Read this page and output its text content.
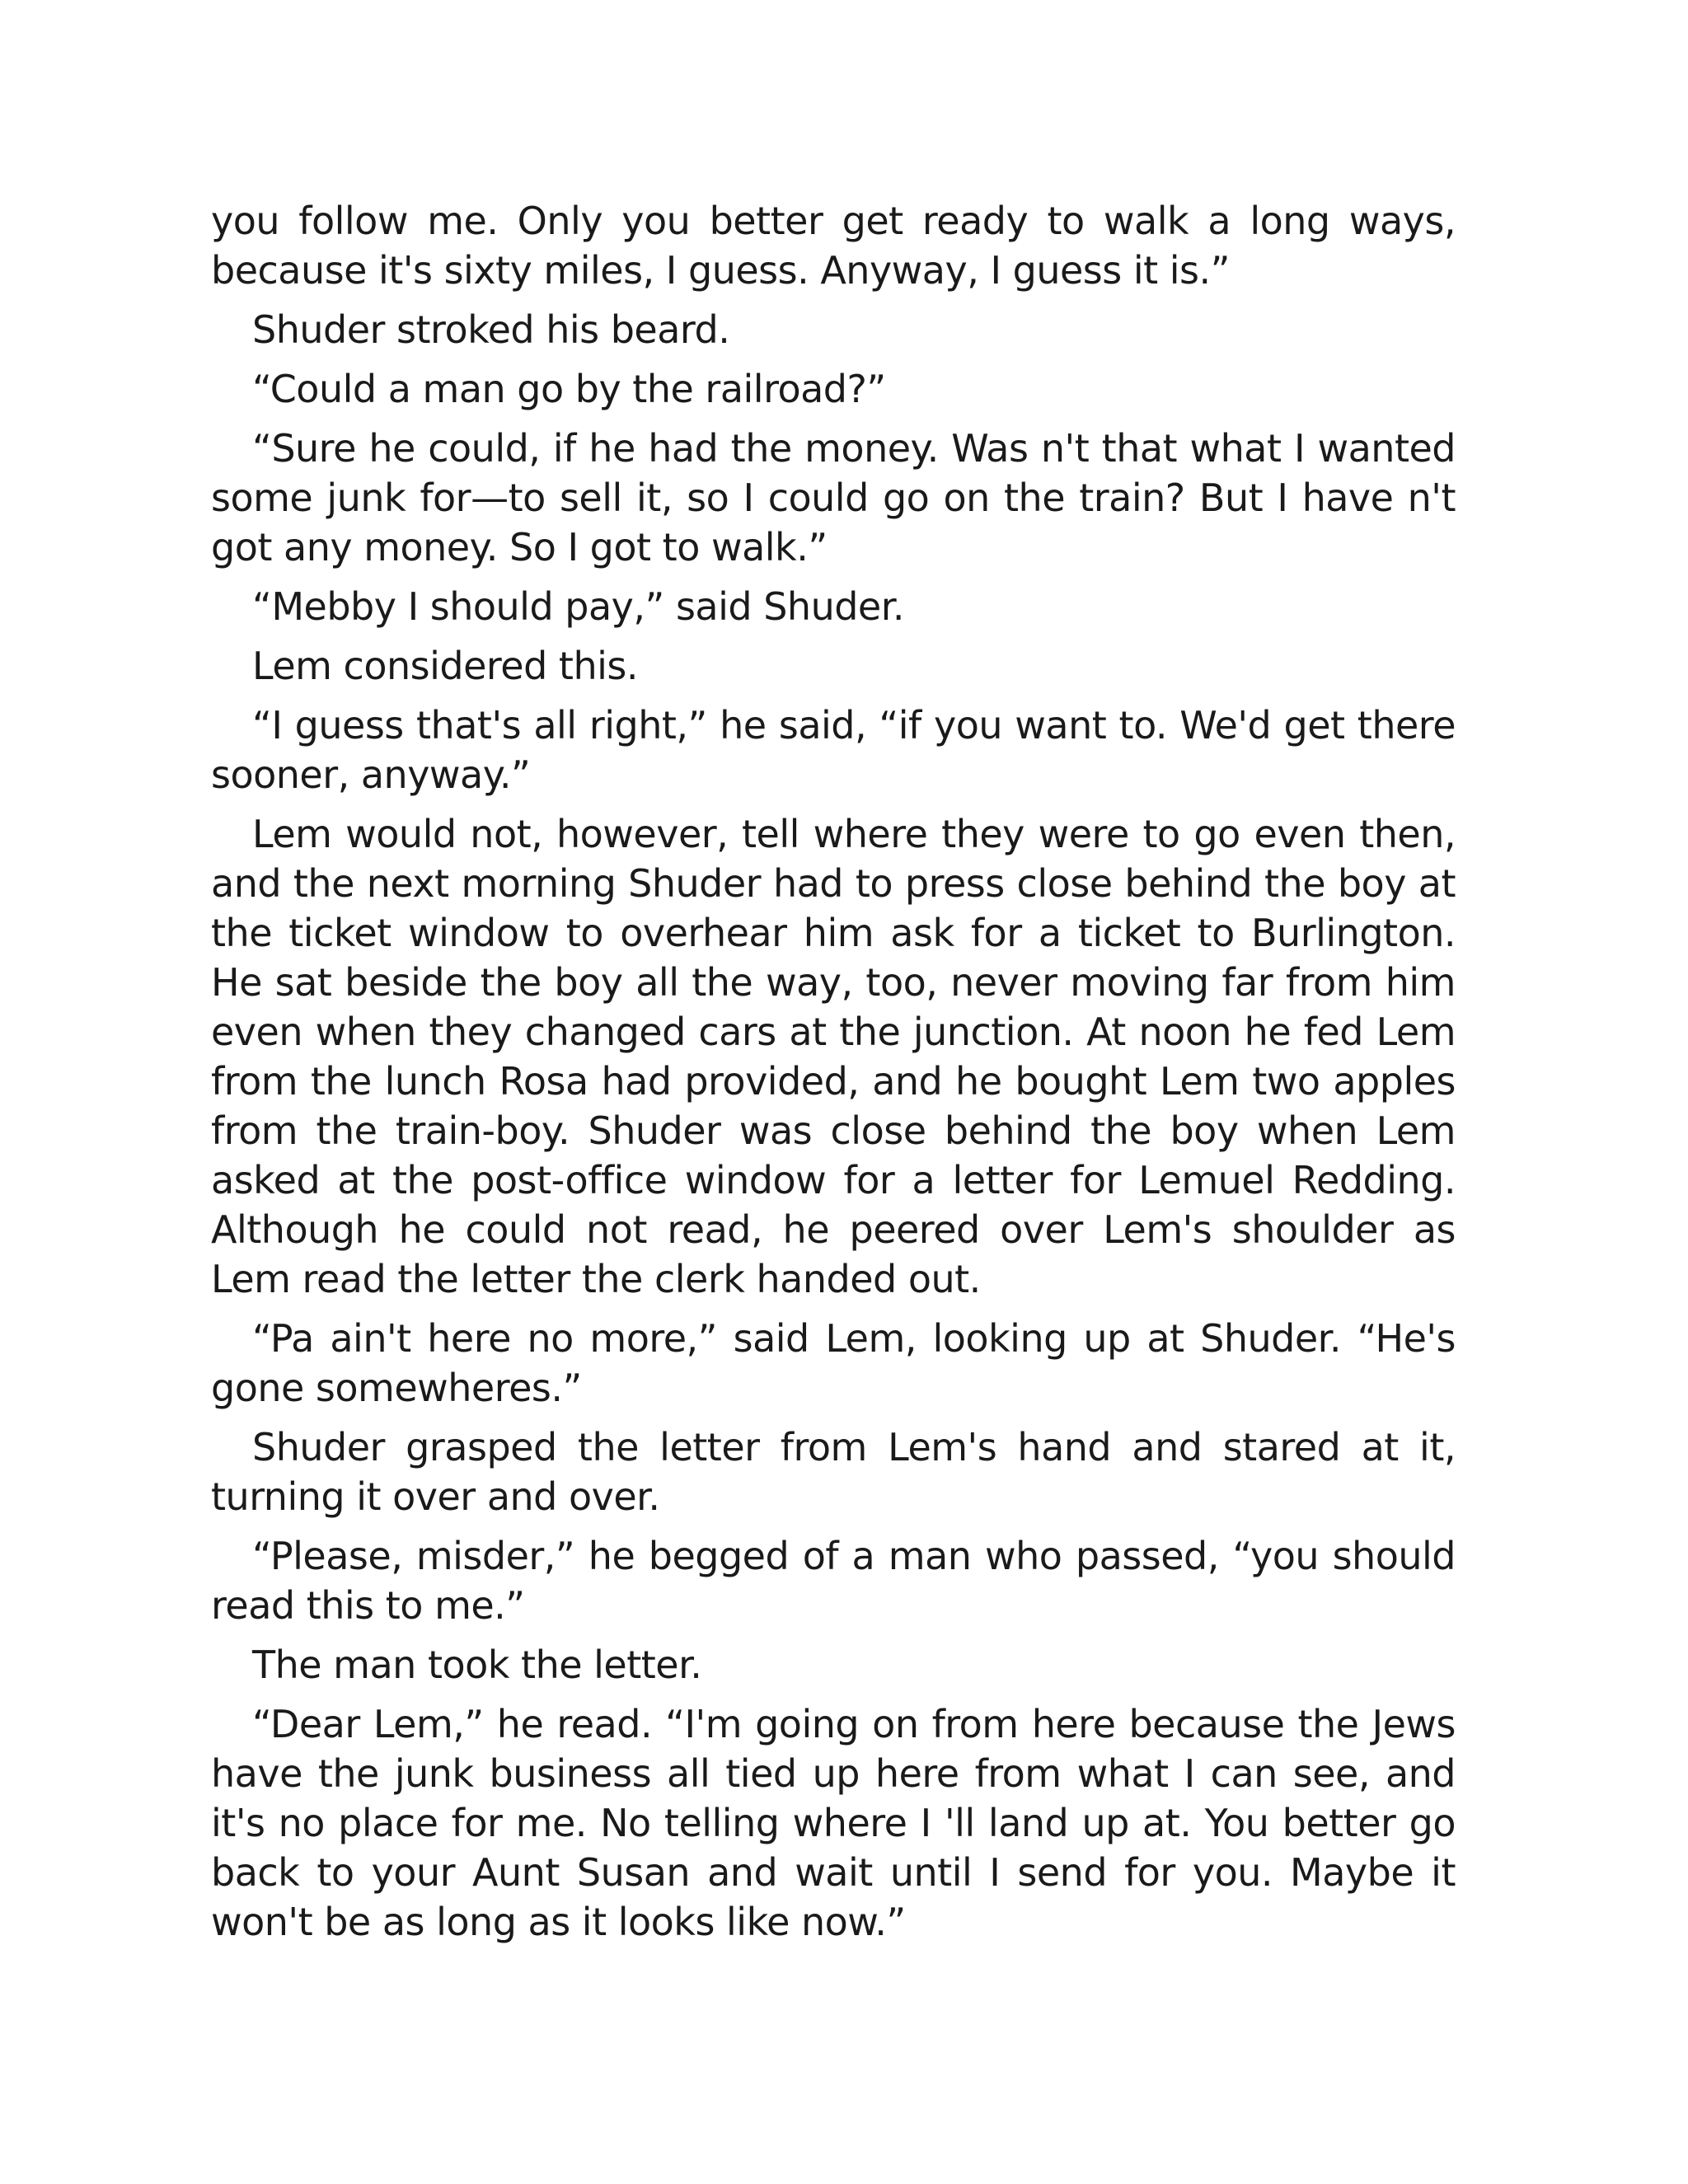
you follow me. Only you better get ready to walk a long ways, because it's sixty miles, I guess. Anyway, I guess it is.”

Shuder stroked his beard.

“Could a man go by the railroad?”

“Sure he could, if he had the money. Was n't that what I wanted some junk for—to sell it, so I could go on the train? But I have n't got any money. So I got to walk.”

“Mebby I should pay,” said Shuder.

Lem considered this.

“I guess that's all right,” he said, “if you want to. We'd get there sooner, anyway.”

Lem would not, however, tell where they were to go even then, and the next morning Shuder had to press close behind the boy at the ticket window to overhear him ask for a ticket to Burlington. He sat beside the boy all the way, too, never moving far from him even when they changed cars at the junction. At noon he fed Lem from the lunch Rosa had provided, and he bought Lem two apples from the train-boy. Shuder was close behind the boy when Lem asked at the post-office window for a letter for Lemuel Redding. Although he could not read, he peered over Lem's shoulder as Lem read the letter the clerk handed out.

“Pa ain't here no more,” said Lem, looking up at Shuder. “He's gone somewheres.”

Shuder grasped the letter from Lem's hand and stared at it, turning it over and over.

“Please, misder,” he begged of a man who passed, “you should read this to me.”

The man took the letter.

“Dear Lem,” he read. “I'm going on from here because the Jews have the junk business all tied up here from what I can see, and it's no place for me. No telling where I 'll land up at. You better go back to your Aunt Susan and wait until I send for you. Maybe it won't be as long as it looks like now.”
